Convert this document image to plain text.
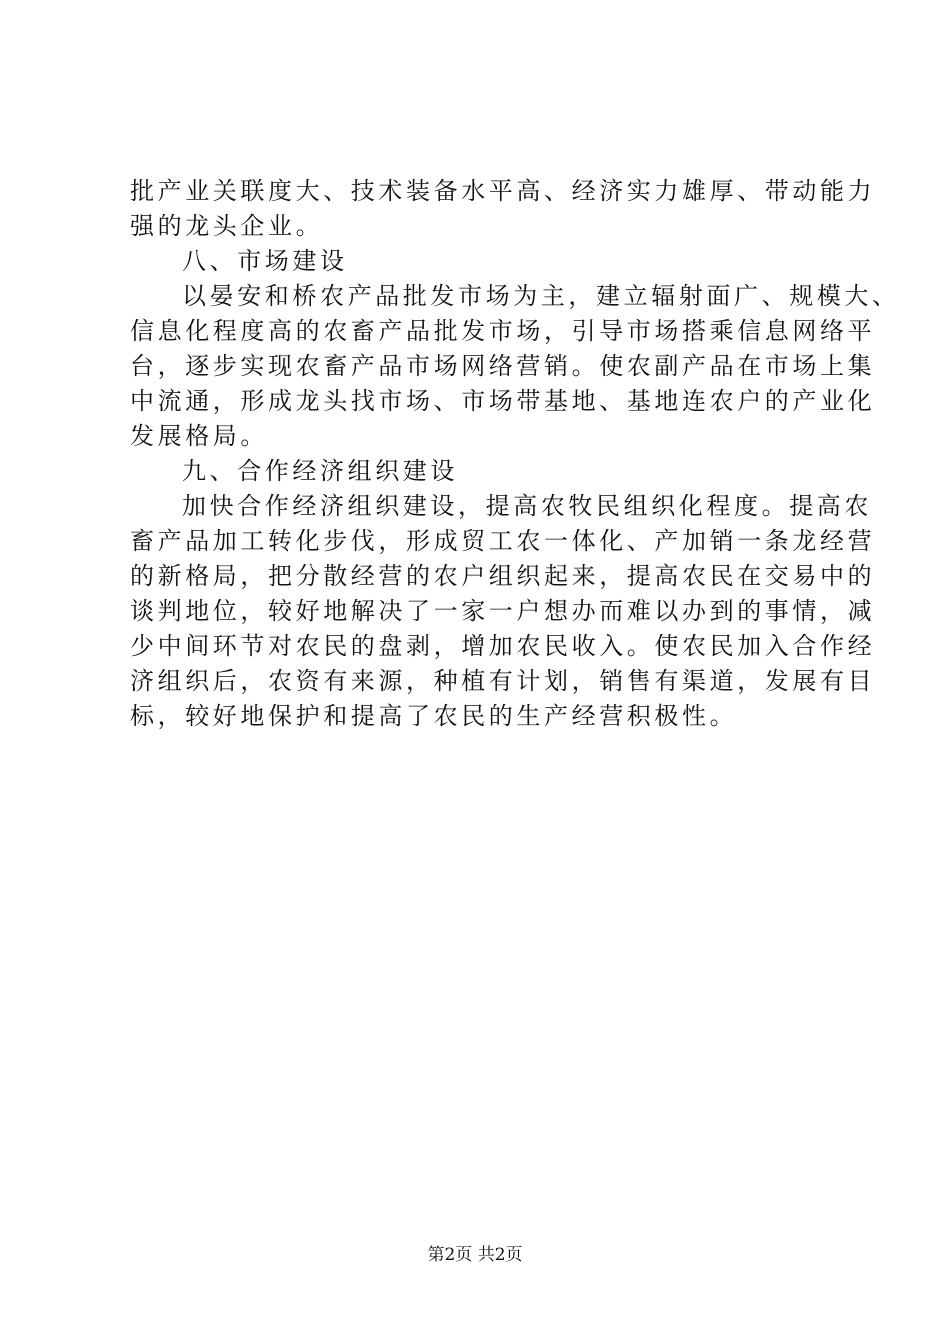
批产业关联度大、技术装备水平高、经济实力雄厚、带动能力
强的龙头企业。
八、市场建设
以晏安和桥农产品批发市场为主，建立辐射面广、规模大、
信息化程度高的农畜产品批发市场，引导市场搭乘信息网络平
台，逐步实现农畜产品市场网络营销。使农副产品在市场上集
中流通，形成龙头找市场、市场带基地、基地连农户的产业化
发展格局。
九、合作经济组织建设
加快合作经济组织建设，提高农牧民组织化程度。提高农
畜产品加工转化步伐，形成贸工农一体化、产加销一条龙经营
的新格局，把分散经营的农户组织起来，提高农民在交易中的
谈判地位，较好地解决了一家一户想办而难以办到的事情，减
少中间环节对农民的盘剥，增加农民收入。使农民加入合作经
济组织后，农资有来源，种植有计划，销售有渠道，发展有目
标，较好地保护和提高了农民的生产经营积极性。
第2页 共2页
